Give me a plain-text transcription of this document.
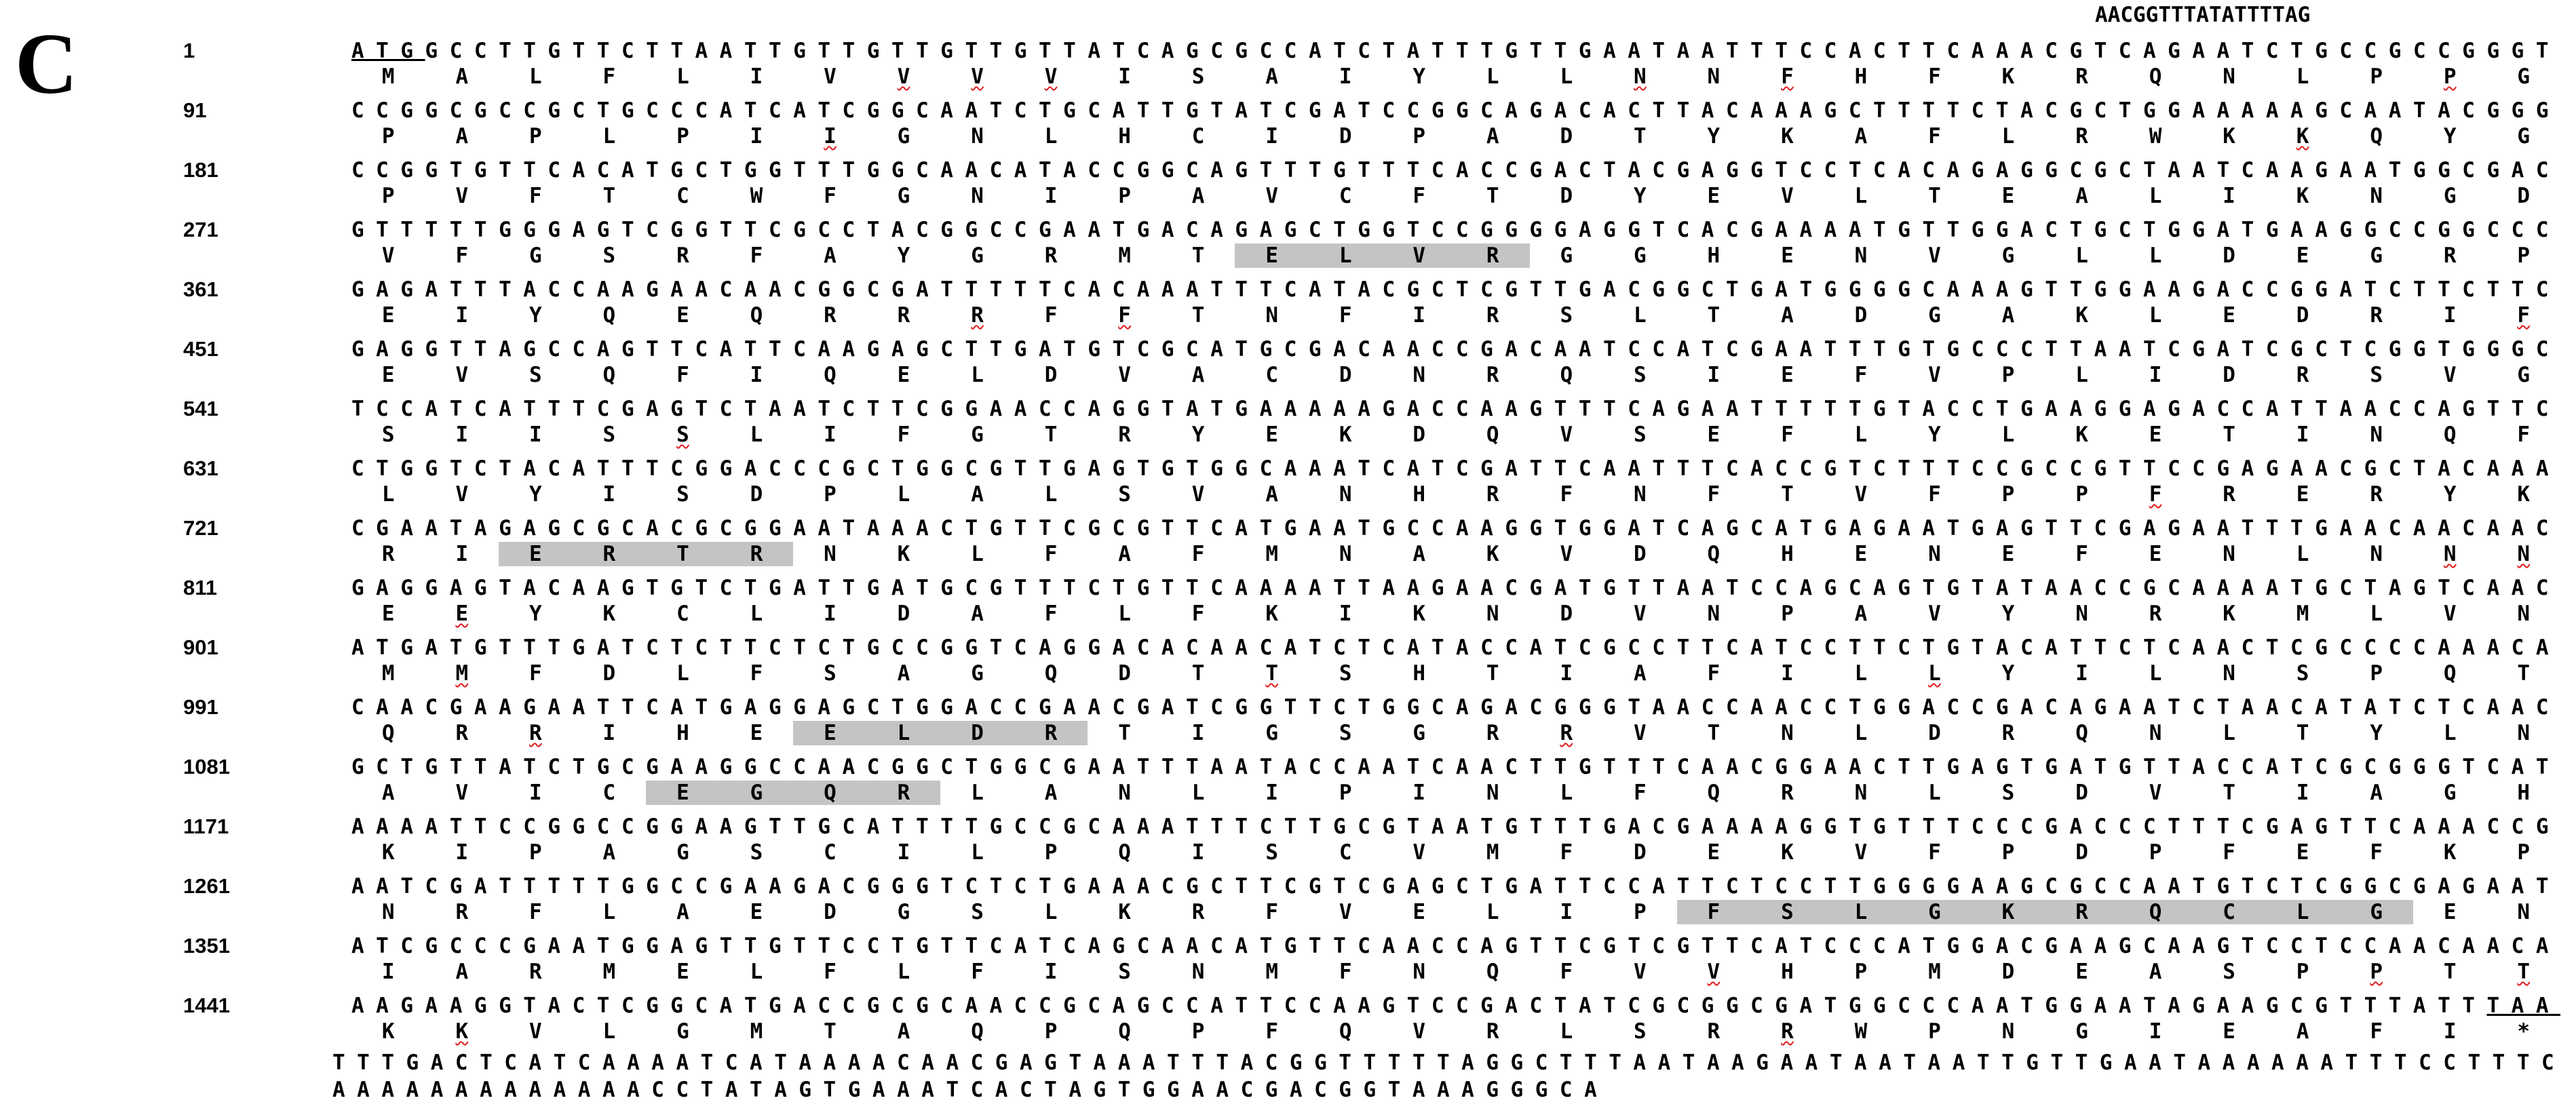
C
AACGGTTTATATTTTAG
1	ATGGCCTTGTTCTTAATTGTTGTTGTTGTTATCAGCGCCATCTATTTGTTGAATAATTTCCACTTCAAACGTCAGAATCTGCCGCCGGGT
M	A	L	F	L	I	V	V	V	V	I	S	A	I	Y	L	L	N	N	F	H	F	K	R	Q	N	L	P	P	G
91	CCGGCGCCGCTGCCCATCATCGGCAATCTGCATTGTATCGATCCGGCAGACACTTACAAAGCTTTTCTACGCTGGAAAAAGCAATACGGG
P	A	P	L	P	I	I	G	N	L	H	C	I	D	P	A	D	T	Y	K	A	F	L	R	W	K	K	Q	Y	G
181	CCGGTGTTCACATGCTGGTTTGGCAACATACCGGCAGTTTGTTTCACCGACTACGAGGTCCTCACAGAGGCGCTAATCAAGAATGGCGAC
P	V	F	T	C	W	F	G	N	I	P	A	V	C	F	T	D	Y	E	V	L	T	E	A	L	I	K	N	G	D
271	GTTTTTGGGAGTCGGTTCGCCTACGGCCGAATGACAGAGCTGGTCCGGGGAGGTCACGAAAATGTTGGACTGCTGGATGAAGGCCGGCCC
V	F	G	S	R	F	A	Y	G	R	M	T	E	L	V	R	G	G	H	E	N	V	G	L	L	D	E	G	R	P
361	GAGATTTACCAAGAACAACGGCGATTTTTCACAAATTTCATACGCTCGTTGACGGCTGATGGGGCAAAGTTGGAAGACCGGATCTTCTTC
E	I	Y	Q	E	Q	R	R	R	F	F	T	N	F	I	R	S	L	T	A	D	G	A	K	L	E	D	R	I	F
451	GAGGTTAGCCAGTTCATTCAAGAGCTTGATGTCGCATGCGACAACCGACAATCCATCGAATTTGTGCCCTTAATCGATCGCTCGGTGGGC
E	V	S	Q	F	I	Q	E	L	D	V	A	C	D	N	R	Q	S	I	E	F	V	P	L	I	D	R	S	V	G
541	TCCATCATTTCGAGTCTAATCTTCGGAACCAGGTATGAAAAAGACCAAGTTTCAGAATTTTTGTACCTGAAGGAGACCATTAACCAGTTC
S	I	I	S	S	L	I	F	G	T	R	Y	E	K	D	Q	V	S	E	F	L	Y	L	K	E	T	I	N	Q	F
631	CTGGTCTACATTTCGGACCCGCTGGCGTTGAGTGTGGCAAATCATCGATTCAATTTCACCGTCTTTCCGCCGTTCCGAGAACGCTACAAA
L	V	Y	I	S	D	P	L	A	L	S	V	A	N	H	R	F	N	F	T	V	F	P	P	F	R	E	R	Y	K
721	CGAATAGAGCGCACGCGGAATAAACTGTTCGCGTTCATGAATGCCAAGGTGGATCAGCATGAGAATGAGTTCGAGAATTTGAACAACAAC
R	I	E	R	T	R	N	K	L	F	A	F	M	N	A	K	V	D	Q	H	E	N	E	F	E	N	L	N	N	N
811	GAGGAGTACAAGTGTCTGATTGATGCGTTTCTGTTCAAAATTAAGAACGATGTTAATCCAGCAGTGTATAACCGCAAAATGCTAGTCAAC
E	E	Y	K	C	L	I	D	A	F	L	F	K	I	K	N	D	V	N	P	A	V	Y	N	R	K	M	L	V	N
901	ATGATGTTTGATCTCTTCTCTGCCGGTCAGGACACAACATCTCATACCATCGCCTTCATCCTTCTGTACATTCTCAACTCGCCCCAAACA
M	M	F	D	L	F	S	A	G	Q	D	T	T	S	H	T	I	A	F	I	L	L	Y	I	L	N	S	P	Q	T
991	CAACGAAGAATTCATGAGGAGCTGGACCGAACGATCGGTTCTGGCAGACGGGTAACCAACCTGGACCGACAGAATCTAACATATCTCAAC
Q	R	R	I	H	E	E	L	D	R	T	I	G	S	G	R	R	V	T	N	L	D	R	Q	N	L	T	Y	L	N
1081	GCTGTTATCTGCGAAGGCCAACGGCTGGCGAATTTAATACCAATCAACTTGTTTCAACGGAACTTGAGTGATGTTACCATCGCGGGTCAT
A	V	I	C	E	G	Q	R	L	A	N	L	I	P	I	N	L	F	Q	R	N	L	S	D	V	T	I	A	G	H
1171	AAAATTCCGGCCGGAAGTTGCATTTTGCCGCAAATTTCTTGCGTAATGTTTGACGAAAAGGTGTTTCCCGACCCTTTCGAGTTCAAACCG
K	I	P	A	G	S	C	I	L	P	Q	I	S	C	V	M	F	D	E	K	V	F	P	D	P	F	E	F	K	P
1261	AATCGATTTTTGGCCGAAGACGGGTCTCTGAAACGCTTCGTCGAGCTGATTCCATTCTCCTTGGGGAAGCGCCAATGTCTCGGCGAGAAT
N	R	F	L	A	E	D	G	S	L	K	R	F	V	E	L	I	P	F	S	L	G	K	R	Q	C	L	G	E	N
1351	ATCGCCCGAATGGAGTTGTTCCTGTTCATCAGCAACATGTTCAACCAGTTCGTCGTTCATCCCATGGACGAAGCAAGTCCTCCAACAACA
I	A	R	M	E	L	F	L	F	I	S	N	M	F	N	Q	F	V	V	H	P	M	D	E	A	S	P	P	T	T
1441	AAGAAGGTACTCGGCATGACCGCGCAACCGCAGCCATTCCAAGTCCGACTATCGCGGCGATGGCCCAATGGAATAGAAGCGTTTATTTAA
K	K	V	L	G	M	T	A	Q	P	Q	P	F	Q	V	R	L	S	R	R	W	P	N	G	I	E	A	F	I	*
TTTGACTCATCAAAATCATAAAACAACGAGTAAATTTACGGTTTTTAGGCTTTAATAAGAATAATAATTGTTGAATAAAAAATTTCCTTTC
AAAAAAAAAAAAACCTATAGTGAAATCACTAGTGGAACGACGGTAAAGGGCA
